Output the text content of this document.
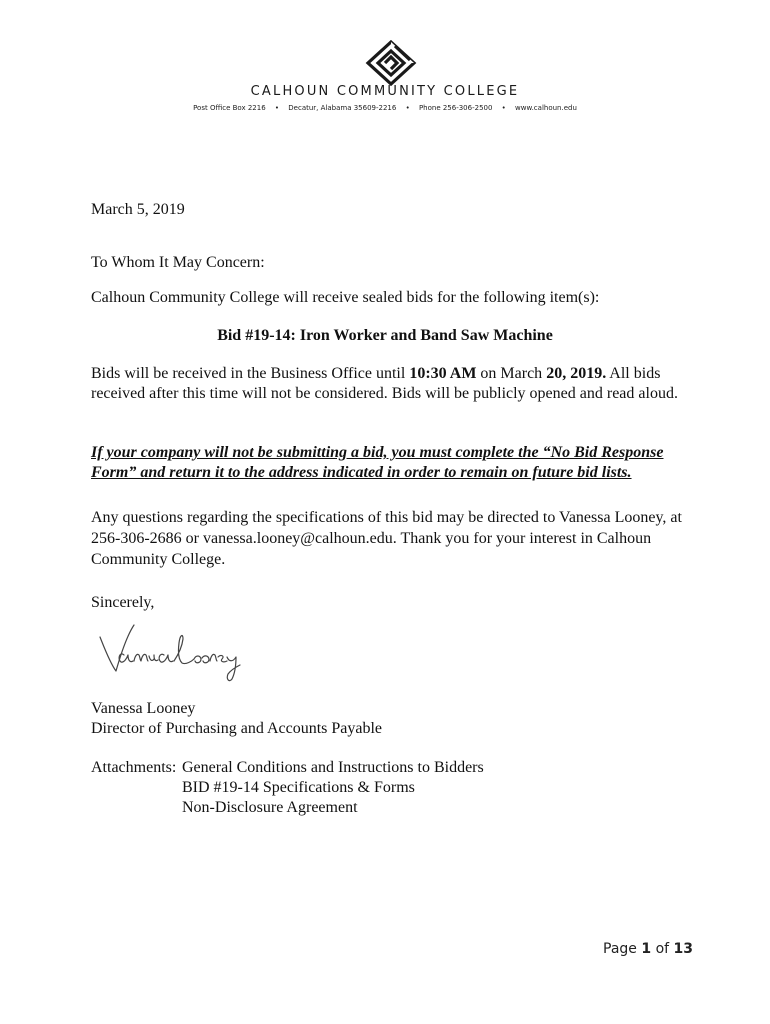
CALHOUN COMMUNITY COLLEGE
Post Office Box 2216 • Decatur, Alabama 35609-2216 • Phone 256-306-2500 • www.calhoun.edu
March 5, 2019
To Whom It May Concern:
Calhoun Community College will receive sealed bids for the following item(s):
Bid #19-14: Iron Worker and Band Saw Machine
Bids will be received in the Business Office until 10:30 AM on March 20, 2019. All bids received after this time will not be considered. Bids will be publicly opened and read aloud.
If your company will not be submitting a bid, you must complete the “No Bid Response Form” and return it to the address indicated in order to remain on future bid lists.
Any questions regarding the specifications of this bid may be directed to Vanessa Looney, at 256-306-2686 or vanessa.looney@calhoun.edu. Thank you for your interest in Calhoun Community College.
Sincerely,
Vanessa Looney
Director of Purchasing and Accounts Payable
Attachments: General Conditions and Instructions to Bidders
BID #19-14 Specifications & Forms
Non-Disclosure Agreement
Page 1 of 13
